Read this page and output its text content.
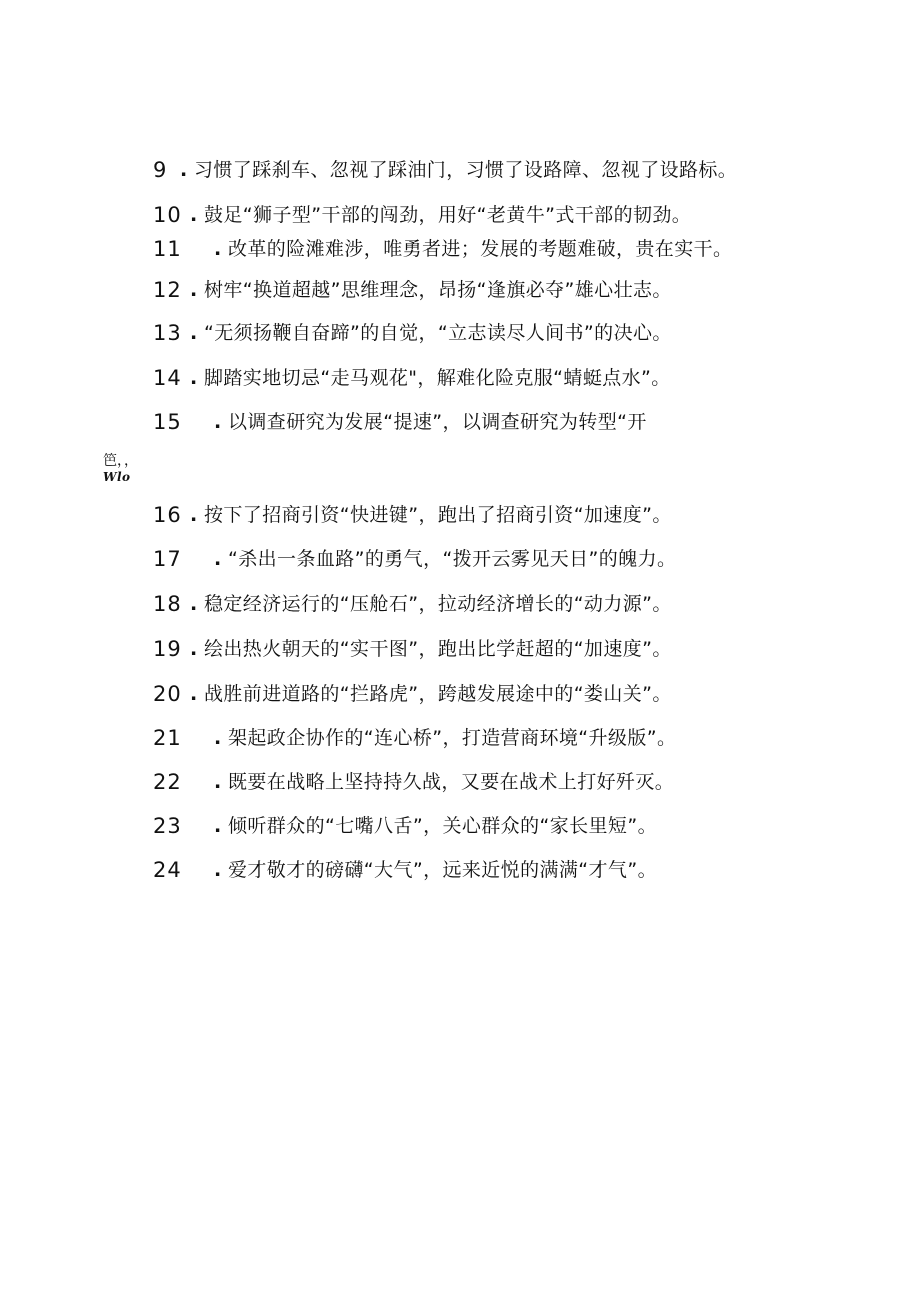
9 . 习惯了踩刹车、忽视了踩油门，习惯了设路障、忽视了设路标。
10 . 鼓足“狮子型”干部的闯劲，用好“老黄牛”式干部的韧劲。
11 . 改革的险滩难涉，唯勇者进；发展的考题难破，贵在实干。
12 . 树牢“换道超越”思维理念，昂扬“逢旗必夺”雄心壮志。
13 . “无须扬鞭自奋蹄”的自觉，“立志读尽人间书”的决心。
14 . 脚踏实地切忌“走马观花"，解难化险克服“蜻蜓点水”。
15 . 以调查研究为发展“提速”，以调查研究为转型“开
笆，，
Wlo
16 . 按下了招商引资“快进键”，跑出了招商引资“加速度”。
17 . “杀出一条血路”的勇气，“拨开云雾见天日”的魄力。
18 . 稳定经济运行的“压舱石”，拉动经济增长的“动力源”。
19 . 绘出热火朝天的“实干图”，跑出比学赶超的“加速度”。
20 . 战胜前进道路的“拦路虎”，跨越发展途中的“娄山关”。
21 . 架起政企协作的“连心桥”，打造营商环境“升级版”。
22 . 既要在战略上坚持持久战，又要在战术上打好歼灭。
23 . 倾听群众的“七嘴八舌”，关心群众的“家长里短”。
24 . 爱才敬才的磅礴“大气”，远来近悦的满满“才气”。
